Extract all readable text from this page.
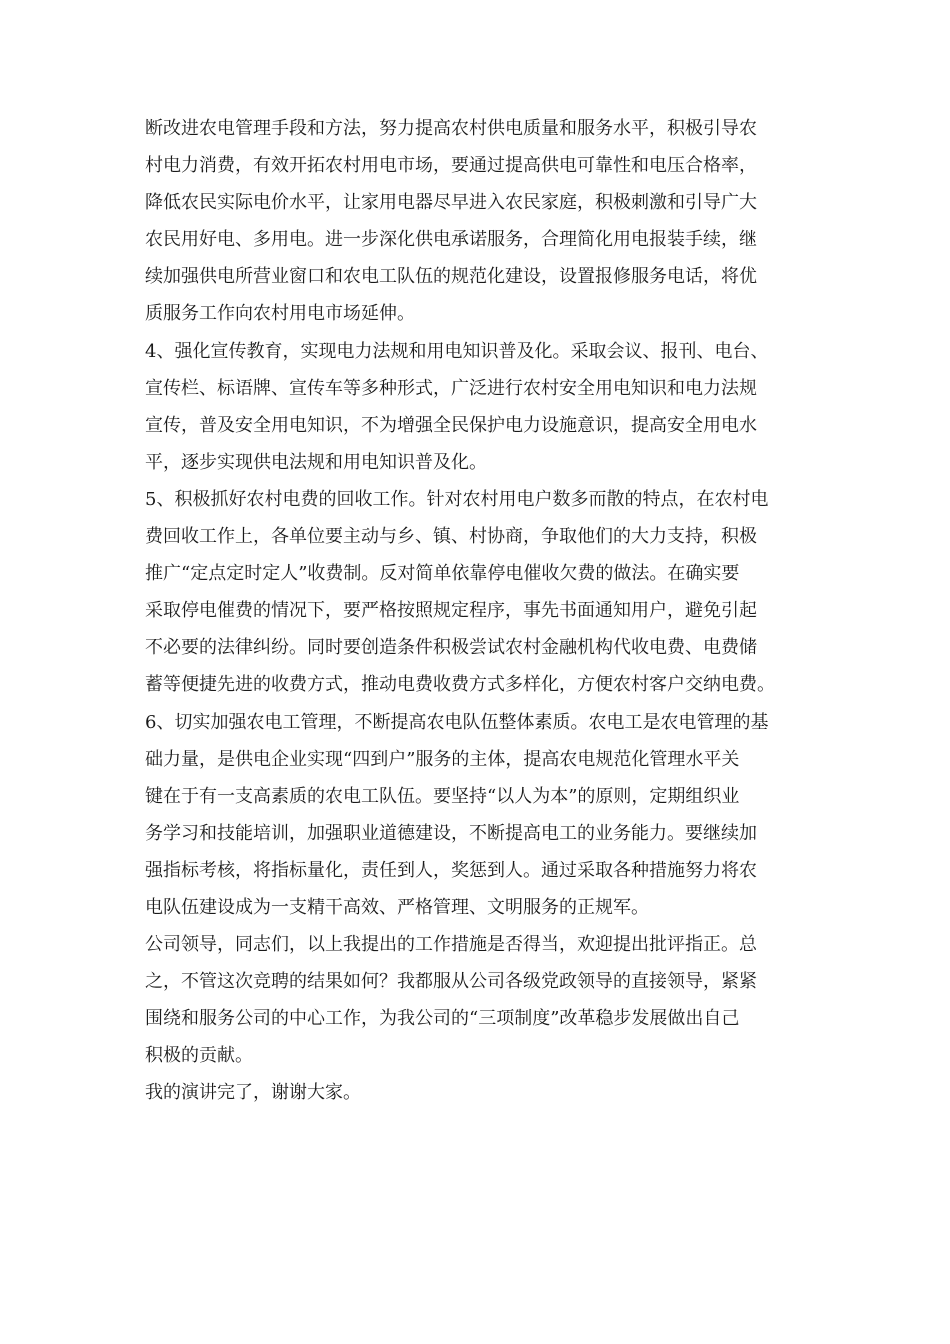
断改进农电管理手段和方法，努力提高农村供电质量和服务水平，积极引导农
村电力消费，有效开拓农村用电市场，要通过提高供电可靠性和电压合格率，
降低农民实际电价水平，让家用电器尽早进入农民家庭，积极刺激和引导广大
农民用好电、多用电。进一步深化供电承诺服务，合理简化用电报装手续，继
续加强供电所营业窗口和农电工队伍的规范化建设，设置报修服务电话，将优
质服务工作向农村用电市场延伸。
4、强化宣传教育，实现电力法规和用电知识普及化。采取会议、报刊、电台、
宣传栏、标语牌、宣传车等多种形式，广泛进行农村安全用电知识和电力法规
宣传，普及安全用电知识，不为增强全民保护电力设施意识，提高安全用电水
平，逐步实现供电法规和用电知识普及化。
5、积极抓好农村电费的回收工作。针对农村用电户数多而散的特点，在农村电
费回收工作上，各单位要主动与乡、镇、村协商，争取他们的大力支持，积极
推广“定点定时定人”收费制。反对简单依靠停电催收欠费的做法。在确实要
采取停电催费的情况下，要严格按照规定程序，事先书面通知用户，避免引起
不必要的法律纠纷。同时要创造条件积极尝试农村金融机构代收电费、电费储
蓄等便捷先进的收费方式，推动电费收费方式多样化，方便农村客户交纳电费。
6、切实加强农电工管理，不断提高农电队伍整体素质。农电工是农电管理的基
础力量，是供电企业实现“四到户”服务的主体，提高农电规范化管理水平关
键在于有一支高素质的农电工队伍。要坚持“以人为本”的原则，定期组织业
务学习和技能培训，加强职业道德建设，不断提高电工的业务能力。要继续加
强指标考核，将指标量化，责任到人，奖惩到人。通过采取各种措施努力将农
电队伍建设成为一支精干高效、严格管理、文明服务的正规军。
公司领导，同志们，以上我提出的工作措施是否得当，欢迎提出批评指正。总
之，不管这次竞聘的结果如何？我都服从公司各级党政领导的直接领导，紧紧
围绕和服务公司的中心工作，为我公司的“三项制度”改革稳步发展做出自己
积极的贡献。
我的演讲完了，谢谢大家。
